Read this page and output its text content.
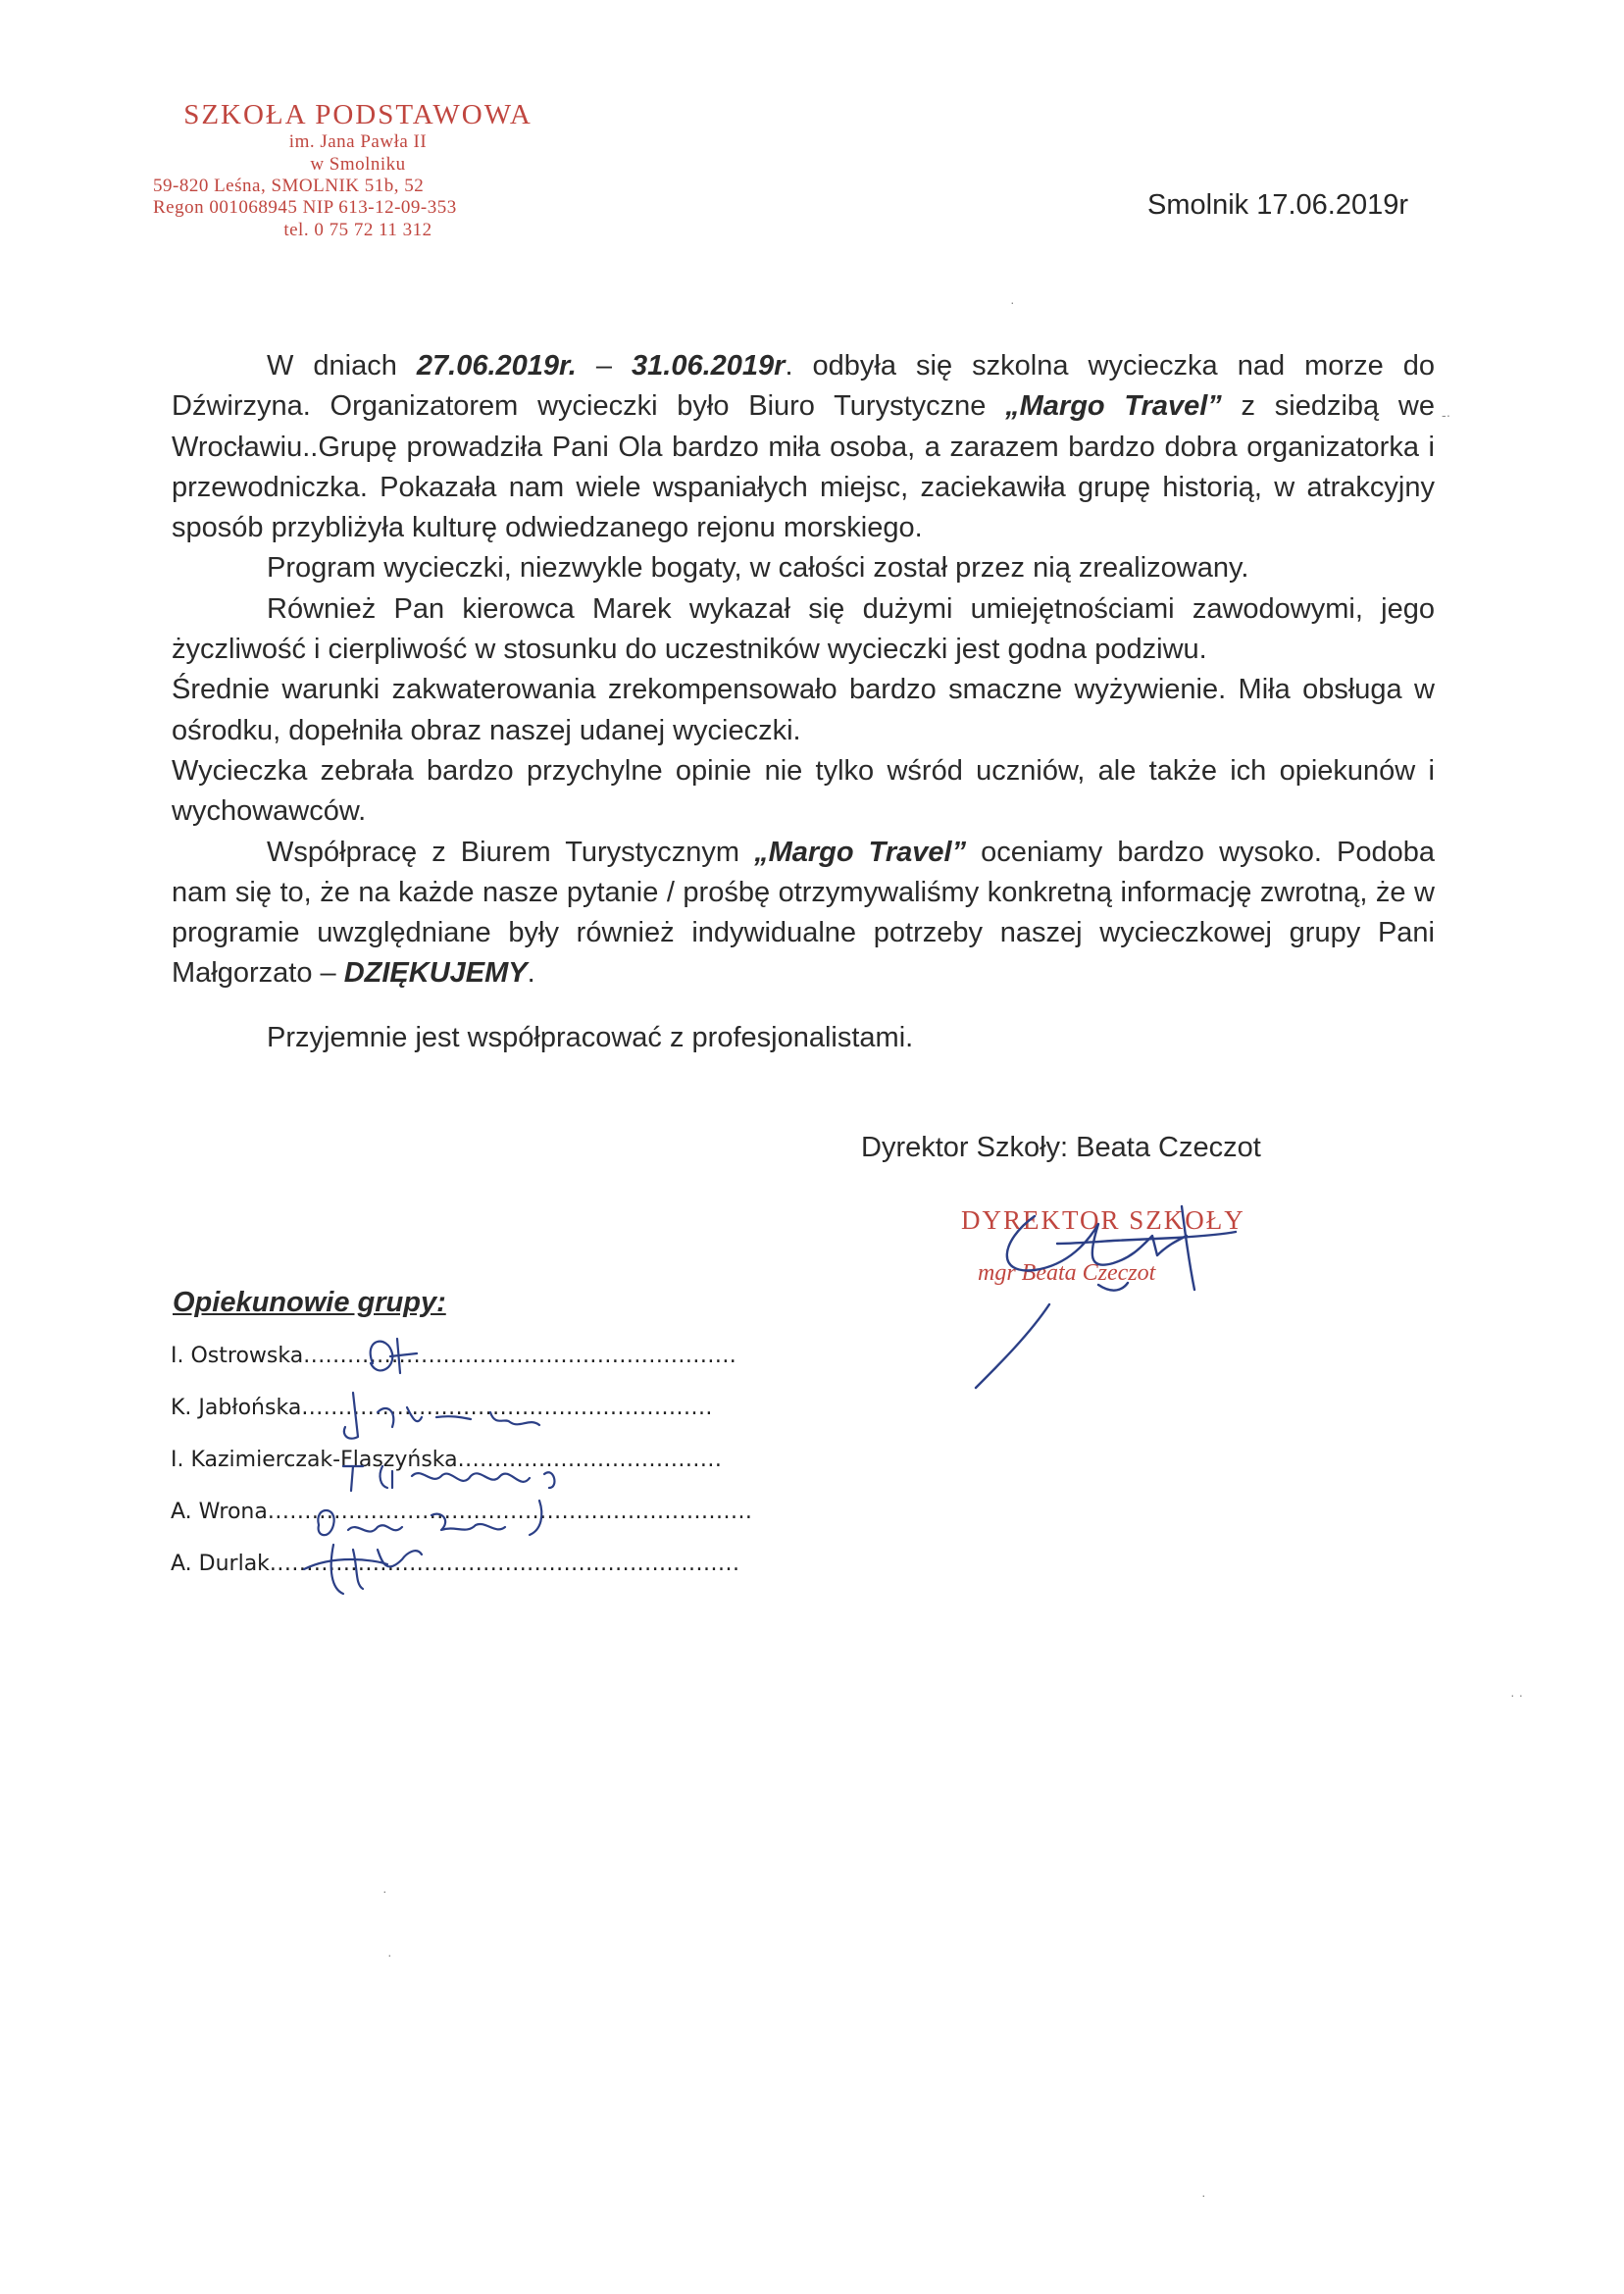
SZKOŁA PODSTAWOWA
im. Jana Pawła II
w Smolniku
59-820 Leśna, SMOLNIK 51b, 52
Regon 001068945 NIP 613-12-09-353
tel. 0 75 72 11 312
Smolnik 17.06.2019r

W dniach 27.06.2019r. – 31.06.2019r. odbyła się szkolna wycieczka nad morze do Dźwirzyna. Organizatorem wycieczki było Biuro Turystyczne „Margo Travel” z siedzibą we Wrocławiu..Grupę prowadziła Pani Ola bardzo miła osoba, a zarazem bardzo dobra organizatorka i przewodniczka. Pokazała nam wiele wspaniałych miejsc, zaciekawiła grupę historią, w atrakcyjny sposób przybliżyła kulturę odwiedzanego rejonu morskiego.

Program wycieczki, niezwykle bogaty, w całości został przez nią zrealizowany.

Również Pan kierowca Marek wykazał się dużymi umiejętnościami zawodowymi, jego życzliwość i cierpliwość w stosunku do uczestników wycieczki jest godna podziwu.

Średnie warunki zakwaterowania zrekompensowało bardzo smaczne wyżywienie. Miła obsługa w ośrodku, dopełniła obraz naszej udanej wycieczki.

Wycieczka zebrała bardzo przychylne opinie nie tylko wśród uczniów, ale także ich opiekunów i wychowawców.

Współpracę z Biurem Turystycznym „Margo Travel” oceniamy bardzo wysoko. Podoba nam się to, że na każde nasze pytanie / prośbę otrzymywaliśmy konkretną informację zwrotną, że w programie uwzględniane były również indywidualne potrzeby naszej wycieczkowej grupy Pani Małgorzato – DZIĘKUJEMY.

Przyjemnie jest współpracować z profesjonalistami.

Dyrektor Szkoły: Beata Czeczot
DYREKTOR SZKOŁY
mgr Beata Czeczot
Opiekunowie grupy:
I. Ostrowska...........................................................
K. Jabłońska........................................................
I. Kazimierczak-Flaszyńska....................................
A. Wrona..................................................................
A. Durlak................................................................
·
-·
· ·
·
·
·
